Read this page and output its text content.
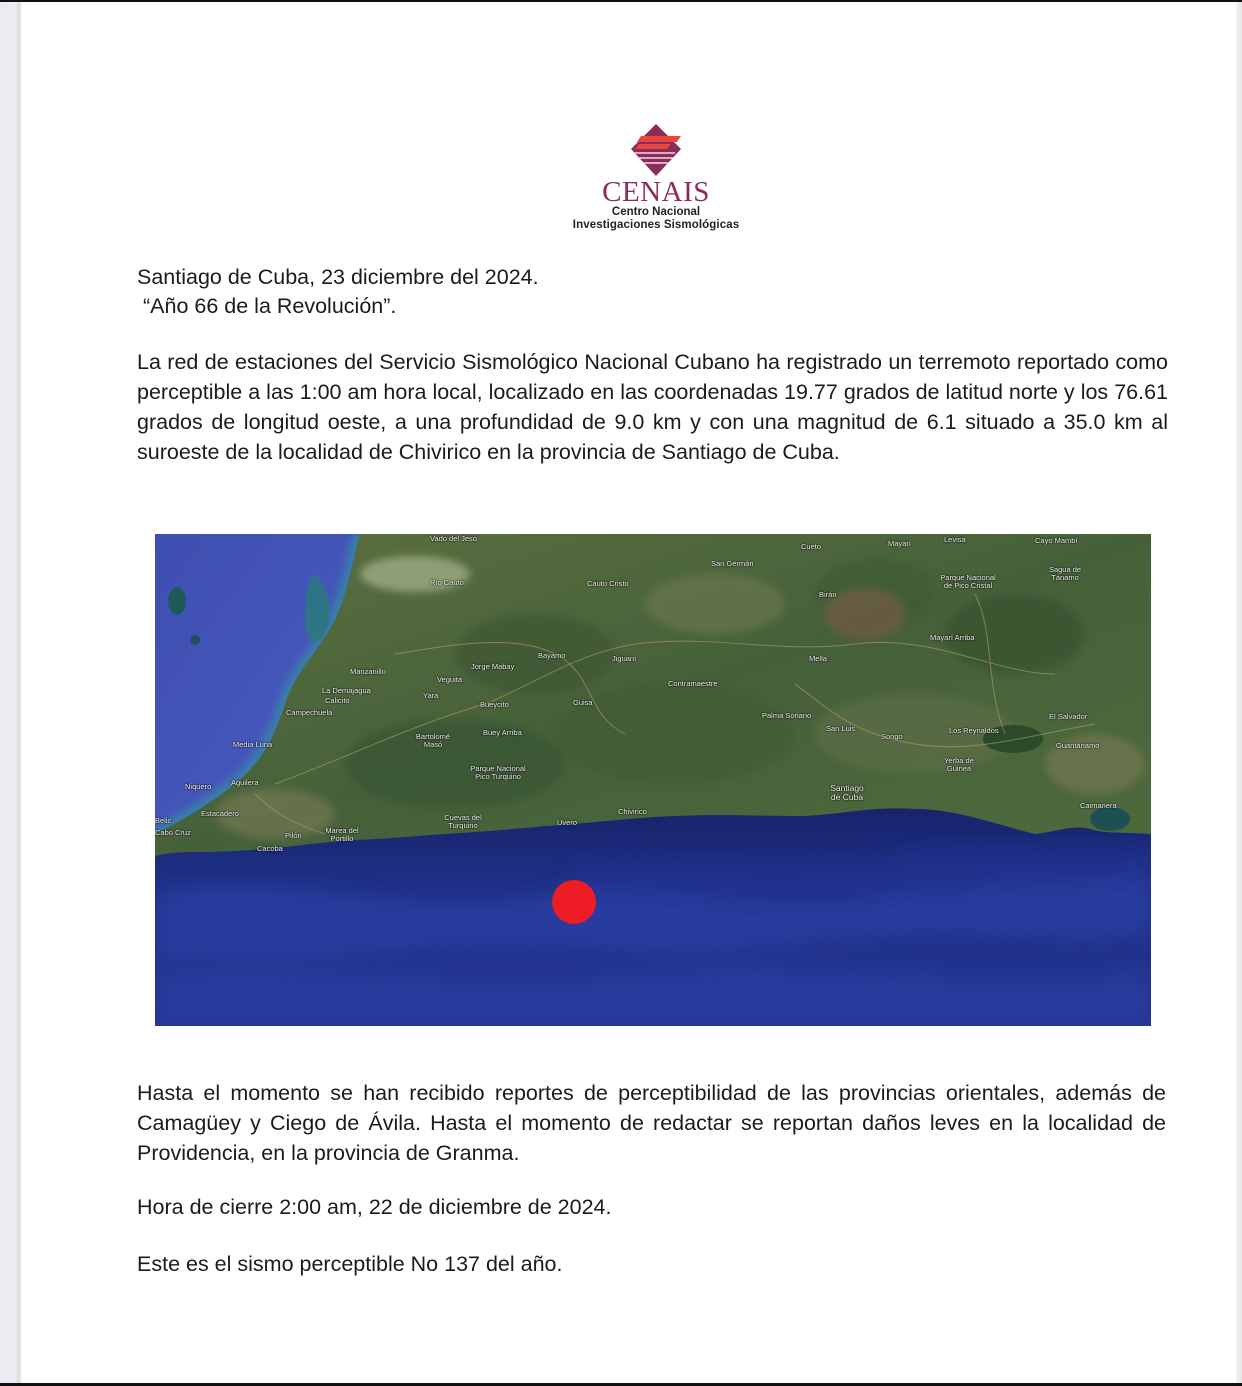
CENAIS
Centro Nacional
Investigaciones Sismológicas
Santiago de Cuba, 23 diciembre del 2024.
“Año 66 de la Revolución”.
La red de estaciones del Servicio Sismológico Nacional Cubano ha registrado un terremoto reportado como perceptible a las 1:00 am hora local, localizado en las coordenadas 19.77 grados de latitud norte y los 76.61 grados de longitud oeste, a una profundidad de 9.0 km y con una magnitud de 6.1 situado a 35.0 km al suroeste de la localidad de Chivirico en la provincia de Santiago de Cuba.
Vado del Jeso
Río Cauto	Cauto Cristo
San Germán
Cueto	Mayarí	Levisa	Cayo Mambí
Sagua de Tánamo
Parque Nacional de Pico Cristal
Birán
Mayarí Arriba
Manzanillo
Jorge Mabay
Veguita
Bayamo	Jiguaní
La Demajagua
Calicito
Yara
Contramaestre
Campechuela
Bueycito	Guisa
Mella
Palma Soriano	El Salvador
Media Luna
Bartolomé Masó
Buey Arriba	San Luis
Songo
Los Reynaldos
Guantánamo
Niquero	Aguilera
Parque Nacional Pico Turquino
Yerba de Guinea
Santiago de Cuba
Belic
Cabo Cruz
Estacadero	Cuevas del Turquino	Uvero
Chivirico
Caimanera
Marea del Portillo
Pilón
Cacoba
Hasta el momento se han recibido reportes de perceptibilidad de las provincias orientales, además de Camagüey y Ciego de Ávila. Hasta el momento de redactar se reportan daños leves en la localidad de Providencia, en la provincia de Granma.
Hora de cierre 2:00 am, 22 de diciembre de 2024.
Este es el sismo perceptible No 137 del año.
